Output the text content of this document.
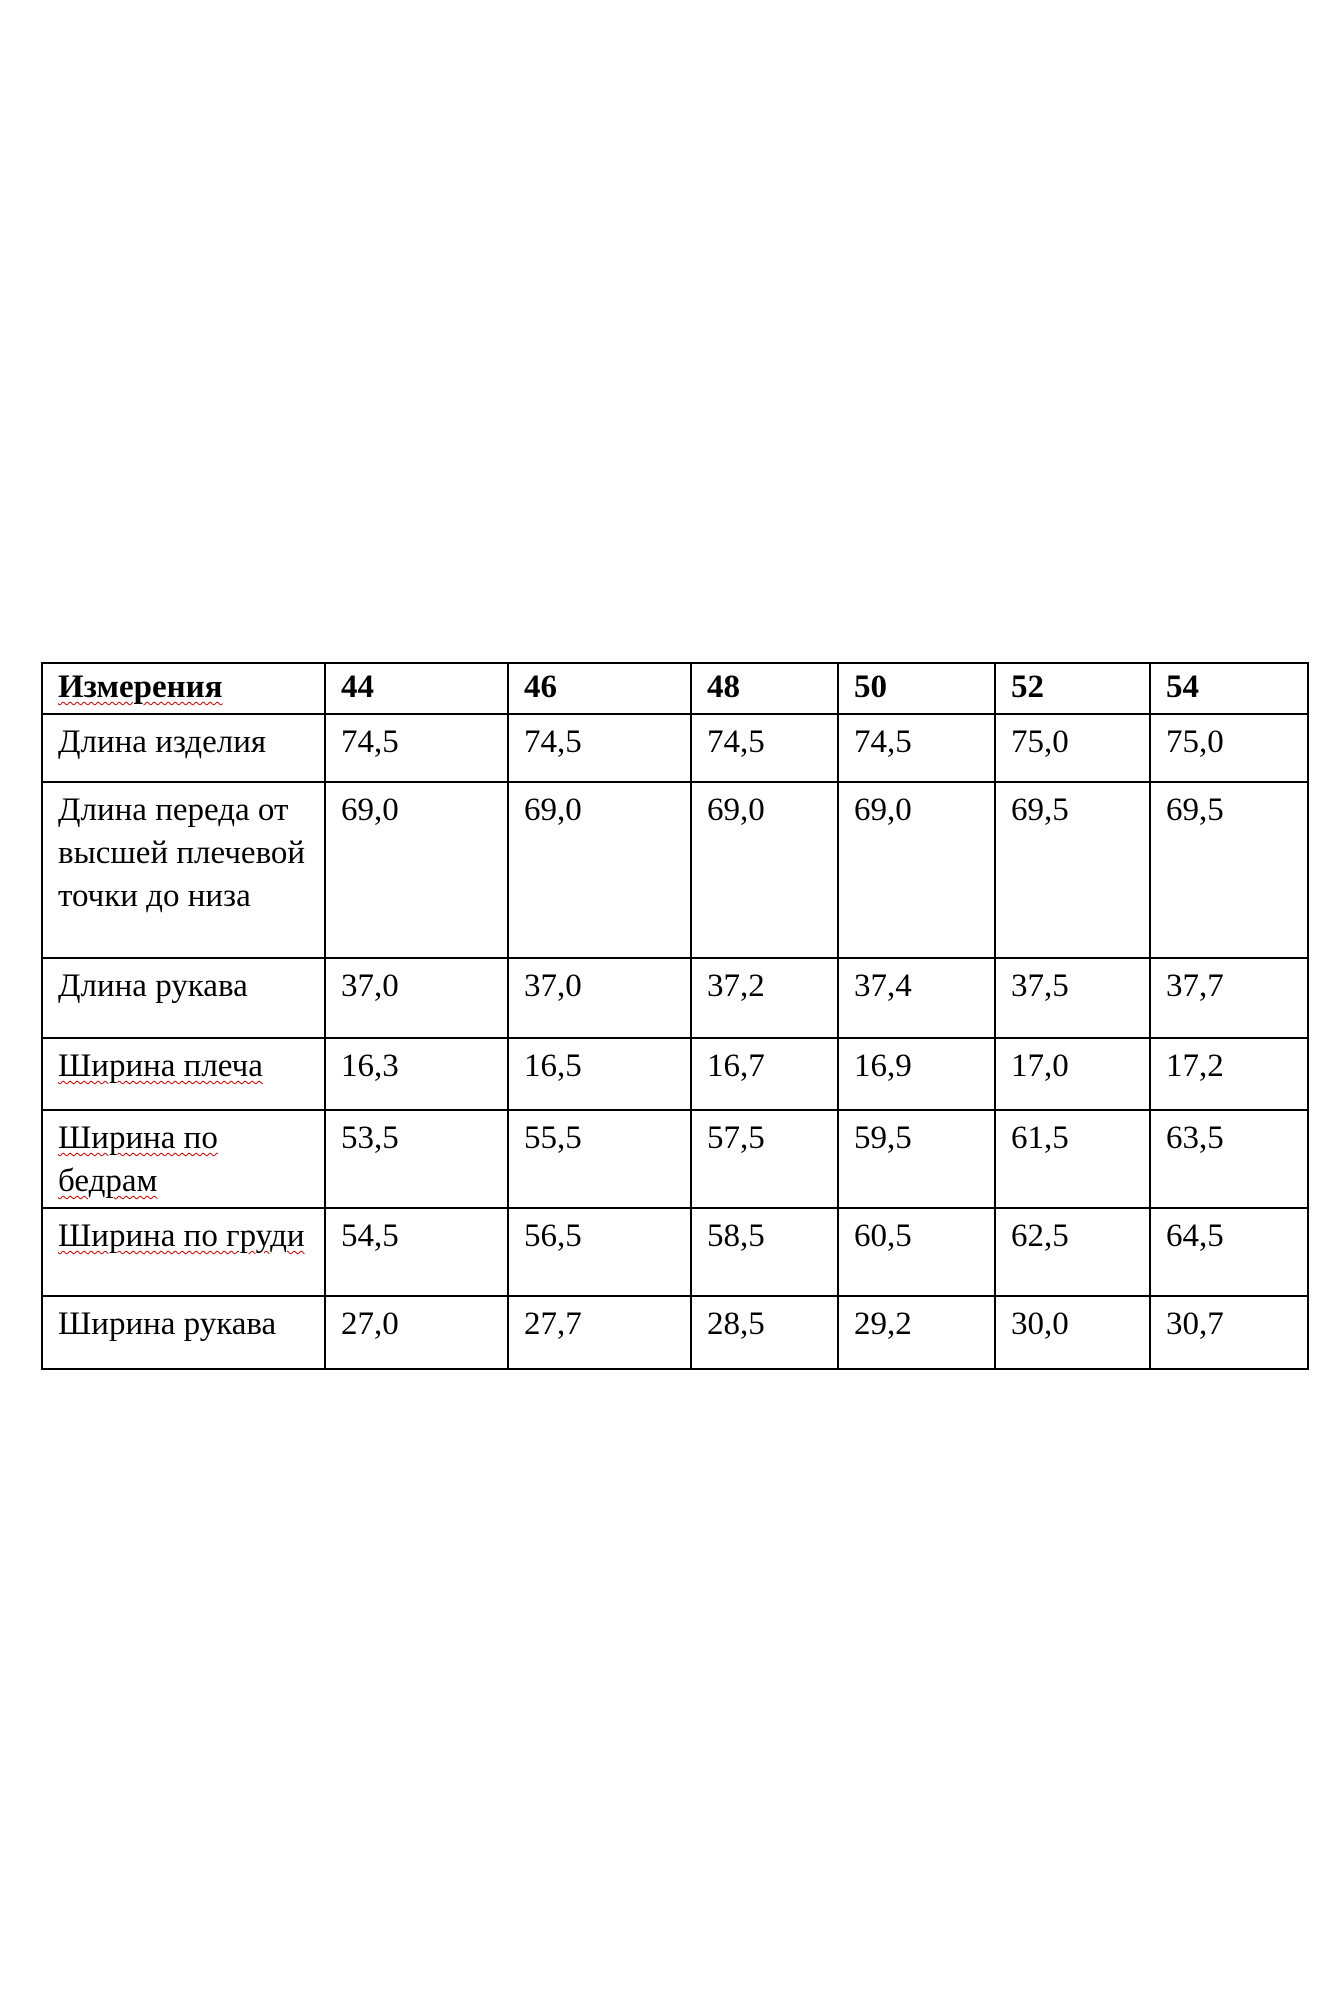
Измерения	44	46	48	50	52	54
Длина изделия	74,5	74,5	74,5	74,5	75,0	75,0
Длина переда от высшей плечевой точки до низа	69,0	69,0	69,0	69,0	69,5	69,5
Длина рукава	37,0	37,0	37,2	37,4	37,5	37,7
Ширина плеча	16,3	16,5	16,7	16,9	17,0	17,2
Ширина по бедрам	53,5	55,5	57,5	59,5	61,5	63,5
Ширина по груди	54,5	56,5	58,5	60,5	62,5	64,5
Ширина рукава	27,0	27,7	28,5	29,2	30,0	30,7
